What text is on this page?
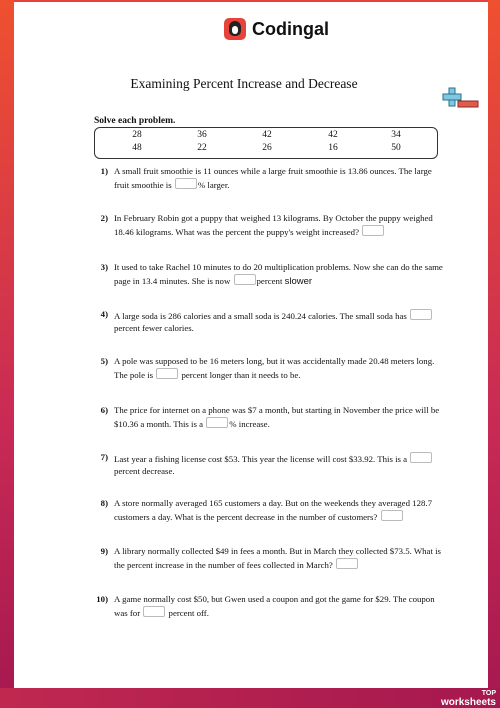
Codingal
Examining Percent Increase and Decrease
Solve each problem.
28	36	42	42	34
48	22	26	16	50
1) A small fruit smoothie is 11 ounces while a large fruit smoothie is 13.86 ounces. The large fruit smoothie is	% larger.
2) In February Robin got a puppy that weighed 13 kilograms. By October the puppy weighed 18.46 kilograms. What was the percent the puppy's weight increased?
3) It used to take Rachel 10 minutes to do 20 multiplication problems. Now she can do the same page in 13.4 minutes. She is now	percent slower
4) A large soda is 286 calories and a small soda is 240.24 calories. The small soda has  percent fewer calories.
5) A pole was supposed to be 16 meters long, but it was accidentally made 20.48 meters long. The pole is	percent longer than it needs to be.
6) The price for internet on a phone was $7 a month, but starting in November the price will be $10.36 a month. This is a	% increase.
7) Last year a fishing license cost $53. This year the license will cost $33.92. This is a  percent decrease.
8) A store normally averaged 165 customers a day. But on the weekends they averaged 128.7 customers a day. What is the percent decrease in the number of customers?
9) A library normally collected $49 in fees a month. But in March they collected $73.5. What is the percent increase in the number of fees collected in March?
10) A game normally cost $50, but Gwen used a coupon and got the game for $29. The coupon was for	percent off.
TOP
worksheets
